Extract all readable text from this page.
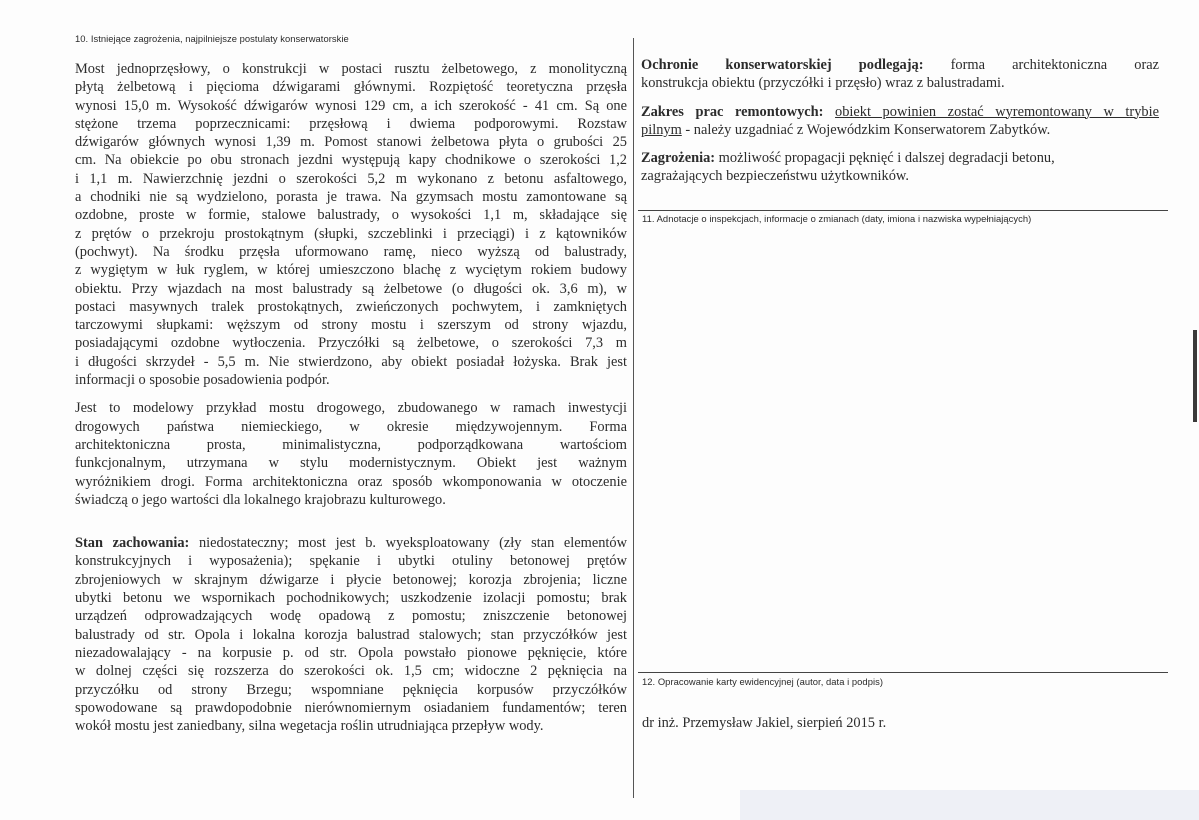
10. Istniejące zagrożenia, najpilniejsze postulaty konserwatorskie
Most jednoprzęsłowy, o konstrukcji w postaci rusztu żelbetowego, z monolityczną
płytą żelbetową i pięcioma dźwigarami głównymi. Rozpiętość teoretyczna przęsła
wynosi 15,0 m. Wysokość dźwigarów wynosi 129 cm, a ich szerokość - 41 cm. Są one
stężone trzema poprzecznicami: przęsłową i dwiema podporowymi. Rozstaw
dźwigarów głównych wynosi 1,39 m. Pomost stanowi żelbetowa płyta o grubości 25
cm. Na obiekcie po obu stronach jezdni występują kapy chodnikowe o szerokości 1,2
i 1,1 m. Nawierzchnię jezdni o szerokości 5,2 m wykonano z betonu asfaltowego,
a chodniki nie są wydzielono, porasta je trawa. Na gzymsach mostu zamontowane są
ozdobne, proste w formie, stalowe balustrady, o wysokości 1,1 m, składające się
z prętów o przekroju prostokątnym (słupki, szczeblinki i przeciągi) i z kątowników
(pochwyt). Na środku przęsła uformowano ramę, nieco wyższą od balustrady,
z wygiętym w łuk ryglem, w której umieszczono blachę z wyciętym rokiem budowy
obiektu. Przy wjazdach na most balustrady są żelbetowe (o długości ok. 3,6 m), w
postaci masywnych tralek prostokątnych, zwieńczonych pochwytem, i zamkniętych
tarczowymi słupkami: węższym od strony mostu i szerszym od strony wjazdu,
posiadającymi ozdobne wytłoczenia. Przyczółki są żelbetowe, o szerokości 7,3 m
i długości skrzydeł - 5,5 m. Nie stwierdzono, aby obiekt posiadał łożyska. Brak jest
informacji o sposobie posadowienia podpór.
Jest to modelowy przykład mostu drogowego, zbudowanego w ramach inwestycji
drogowych państwa niemieckiego, w okresie międzywojennym. Forma
architektoniczna prosta, minimalistyczna, podporządkowana wartościom
funkcjonalnym, utrzymana w stylu modernistycznym. Obiekt jest ważnym
wyróżnikiem drogi. Forma architektoniczna oraz sposób wkomponowania w otoczenie
świadczą o jego wartości dla lokalnego krajobrazu kulturowego.
Stan zachowania: niedostateczny; most jest b. wyeksploatowany (zły stan elementów
konstrukcyjnych i wyposażenia); spękanie i ubytki otuliny betonowej prętów
zbrojeniowych w skrajnym dźwigarze i płycie betonowej; korozja zbrojenia; liczne
ubytki betonu we wspornikach pochodnikowych; uszkodzenie izolacji pomostu; brak
urządzeń odprowadzających wodę opadową z pomostu; zniszczenie betonowej
balustrady od str. Opola i lokalna korozja balustrad stalowych; stan przyczółków jest
niezadowalający - na korpusie p. od str. Opola powstało pionowe pęknięcie, które
w dolnej części się rozszerza do szerokości ok. 1,5 cm; widoczne 2 pęknięcia na
przyczółku od strony Brzegu; wspomniane pęknięcia korpusów przyczółków
spowodowane są prawdopodobnie nierównomiernym osiadaniem fundamentów; teren
wokół mostu jest zaniedbany, silna wegetacja roślin utrudniająca przepływ wody.
Ochronie konserwatorskiej podlegają: forma architektoniczna oraz
konstrukcja obiektu (przyczółki i przęsło) wraz z balustradami.
Zakres prac remontowych: obiekt powinien zostać wyremontowany w trybie
pilnym - należy uzgadniać z Wojewódzkim Konserwatorem Zabytków.
Zagrożenia: możliwość propagacji pęknięć i dalszej degradacji betonu,
zagrażających bezpieczeństwu użytkowników.
11. Adnotacje o inspekcjach, informacje o zmianach (daty, imiona i nazwiska wypełniających)
12. Opracowanie karty ewidencyjnej (autor, data i podpis)
dr inż. Przemysław Jakiel, sierpień 2015 r.
